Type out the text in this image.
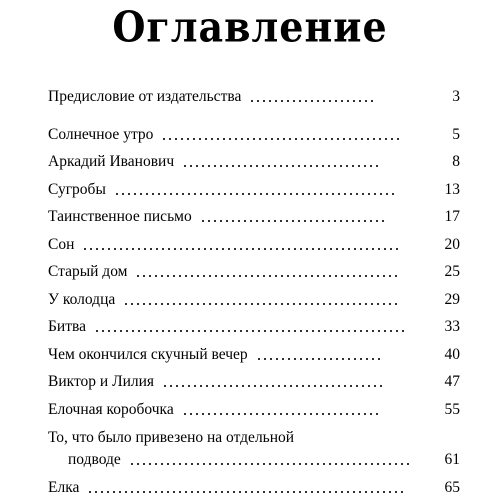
Оглавление
Предисловие от издательства	3
Солнечное утро	5
Аркадий Иванович	8
Сугробы	13
Таинственное письмо	17
Сон	20
Старый дом	25
У колодца	29
Битва	33
Чем окончился скучный вечер	40
Виктор и Лилия	47
Елочная коробочка	55
То, что было привезено на отдельной
подводе	61
Елка	65
